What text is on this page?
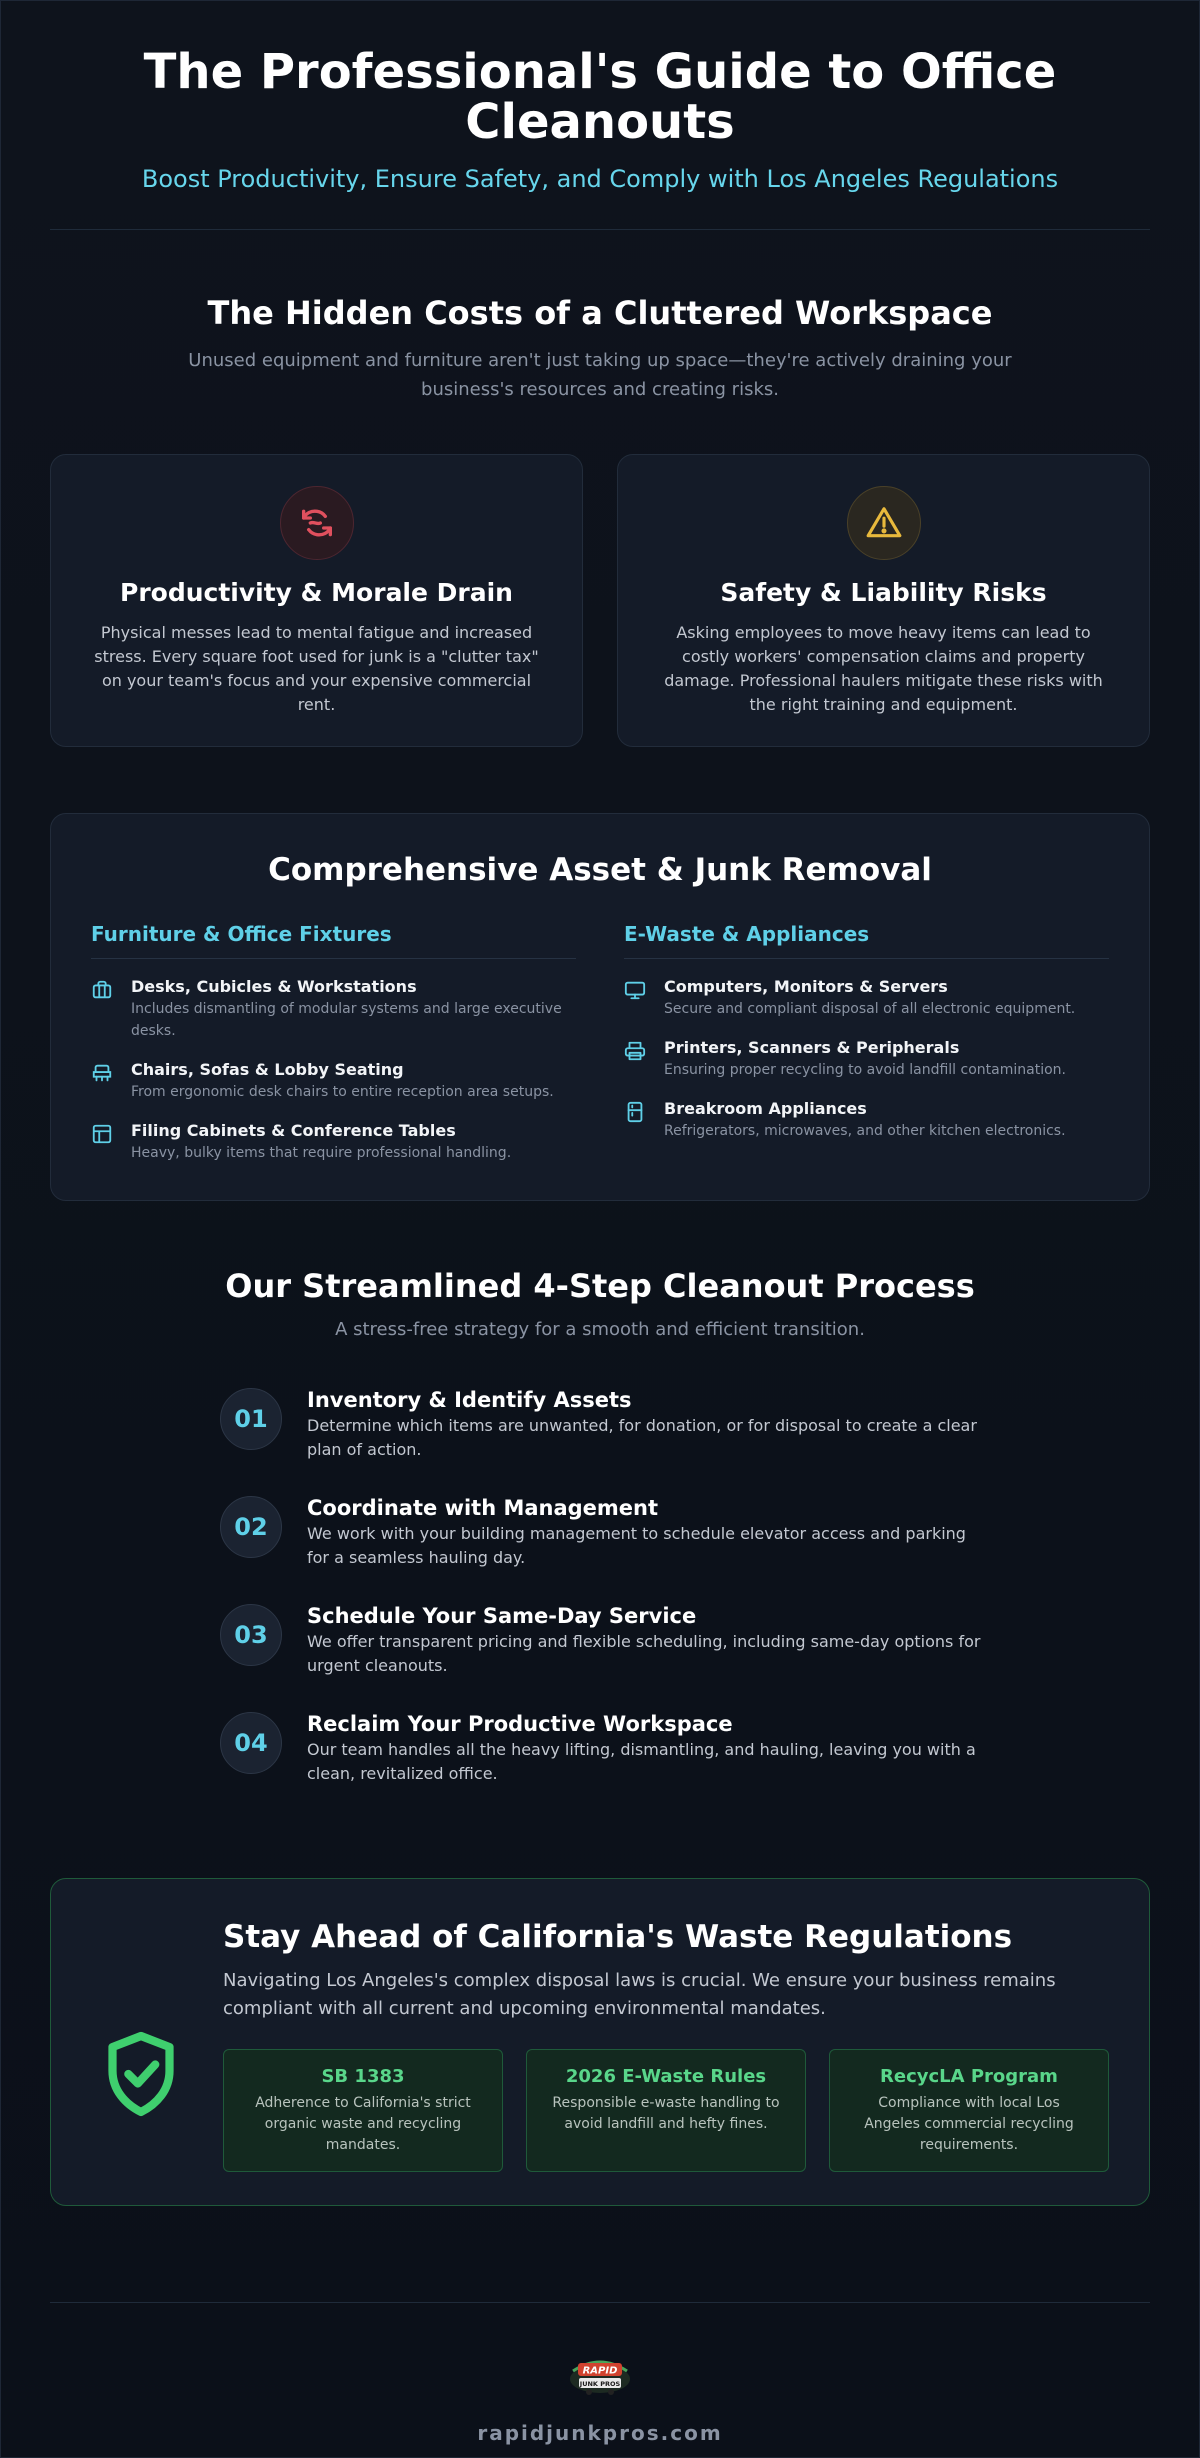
The Professional's Guide to Office Cleanouts
Boost Productivity, Ensure Safety, and Comply with Los Angeles Regulations
The Hidden Costs of a Cluttered Workspace

Unused equipment and furniture aren't just taking up space—they're actively draining your business's resources and creating risks.

Productivity & Morale Drain

Physical messes lead to mental fatigue and increased stress. Every square foot used for junk is a "clutter tax" on your team's focus and your expensive commercial rent.

Safety & Liability Risks

Asking employees to move heavy items can lead to costly workers' compensation claims and property damage. Professional haulers mitigate these risks with the right training and equipment.

Comprehensive Asset & Junk Removal
Furniture & Office Fixtures
Desks, Cubicles & Workstations
Includes dismantling of modular systems and large executive desks.
Chairs, Sofas & Lobby Seating
From ergonomic desk chairs to entire reception area setups.
Filing Cabinets & Conference Tables
Heavy, bulky items that require professional handling.
E-Waste & Appliances
Computers, Monitors & Servers
Secure and compliant disposal of all electronic equipment.
Printers, Scanners & Peripherals
Ensuring proper recycling to avoid landfill contamination.
Breakroom Appliances
Refrigerators, microwaves, and other kitchen electronics.
Our Streamlined 4-Step Cleanout Process

A stress-free strategy for a smooth and efficient transition.

01
Inventory & Identify Assets
Determine which items are unwanted, for donation, or for disposal to create a clear plan of action.
02
Coordinate with Management
We work with your building management to schedule elevator access and parking for a seamless hauling day.
03
Schedule Your Same-Day Service
We offer transparent pricing and flexible scheduling, including same-day options for urgent cleanouts.
04
Reclaim Your Productive Workspace
Our team handles all the heavy lifting, dismantling, and hauling, leaving you with a clean, revitalized office.
Stay Ahead of California's Waste Regulations

Navigating Los Angeles's complex disposal laws is crucial. We ensure your business remains compliant with all current and upcoming environmental mandates.

SB 1383
Adherence to California's strict organic waste and recycling mandates.
2026 E-Waste Rules
Responsible e-waste handling to avoid landfill and hefty fines.
RecycLA Program
Compliance with local Los Angeles commercial recycling requirements.
RAPID
JUNK PROS
rapidjunkpros.com
